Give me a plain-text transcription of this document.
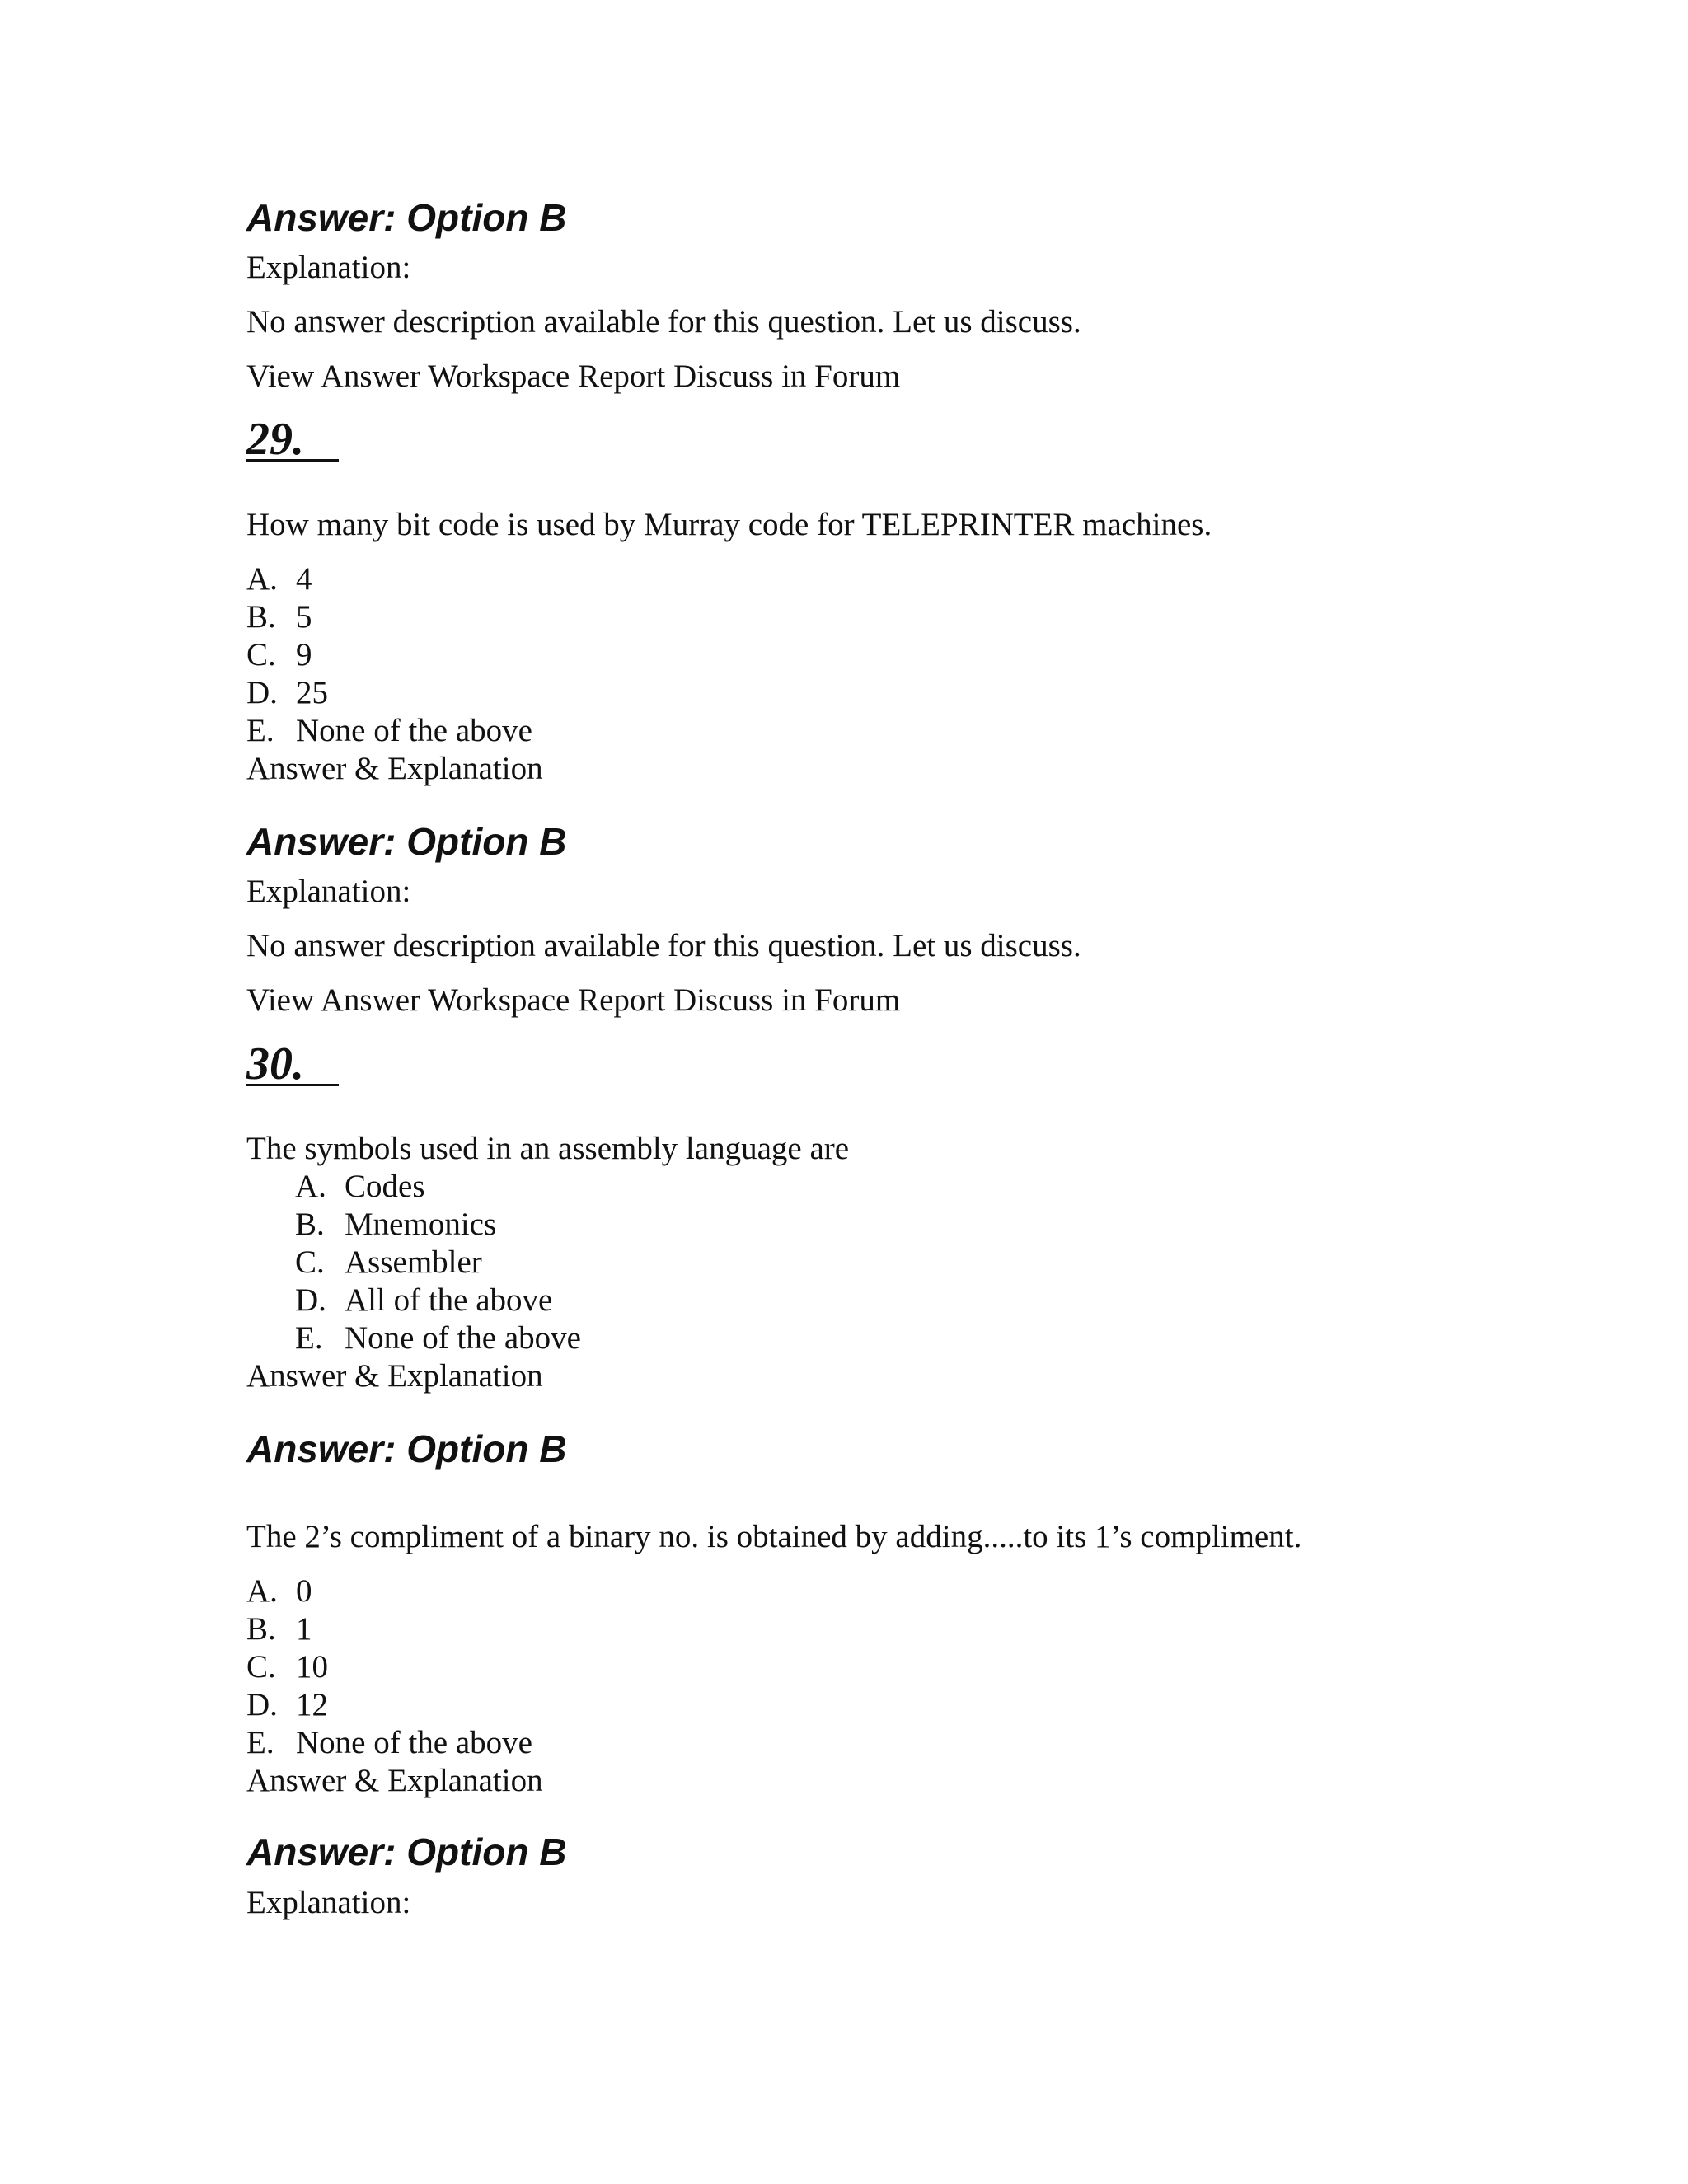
Answer: Option B
Explanation:
No answer description available for this question. Let us discuss.
View Answer Workspace Report Discuss in Forum
29.
How many bit code is used by Murray code for TELEPRINTER machines.
A. 4
B. 5
C. 9
D. 25
E. None of the above
Answer & Explanation
Answer: Option B
Explanation:
No answer description available for this question. Let us discuss.
View Answer Workspace Report Discuss in Forum
30.
The symbols used in an assembly language are
A. Codes
B. Mnemonics
C. Assembler
D. All of the above
E. None of the above
Answer & Explanation
Answer: Option B
The 2’s compliment of a binary no. is obtained by adding.....to its 1’s compliment.
A. 0
B. 1
C. 10
D. 12
E. None of the above
Answer & Explanation
Answer: Option B
Explanation:
